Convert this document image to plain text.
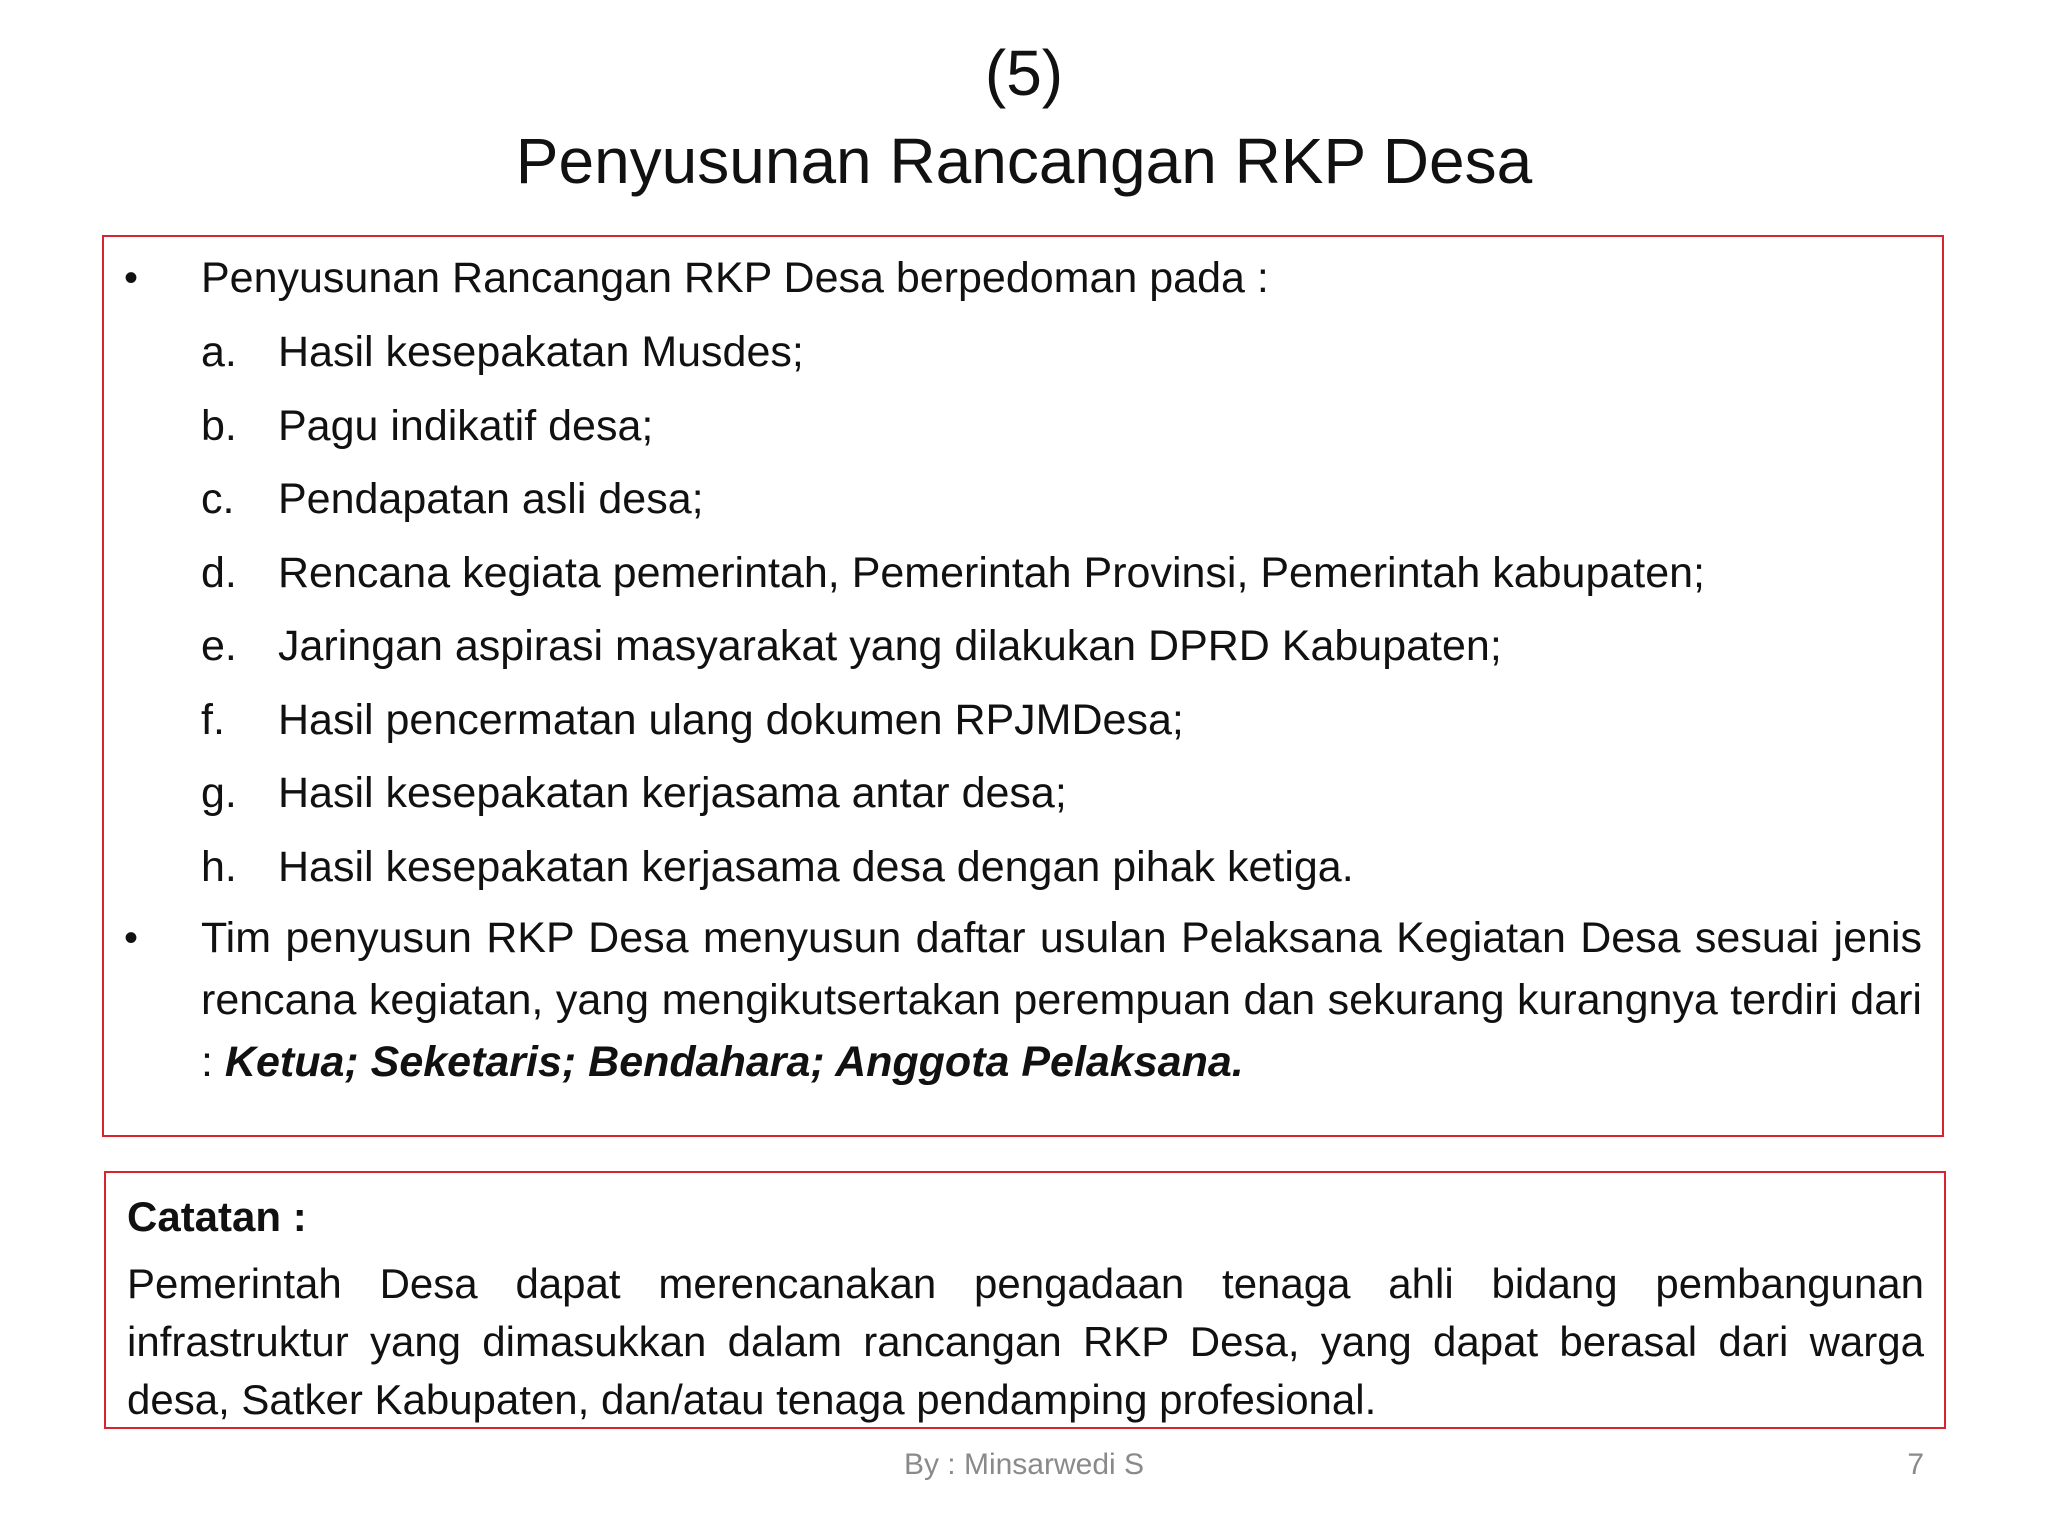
(5)
Penyusunan Rancangan RKP Desa
• Penyusunan Rancangan RKP Desa berpedoman pada :
a. Hasil kesepakatan Musdes;
b. Pagu indikatif desa;
c.	Pendapatan asli desa;
d. Rencana kegiata pemerintah, Pemerintah Provinsi, Pemerintah kabupaten;
e. Jaringan aspirasi masyarakat yang dilakukan DPRD Kabupaten;
f.	Hasil pencermatan ulang dokumen RPJMDesa;
g. Hasil kesepakatan kerjasama antar desa;
h. Hasil kesepakatan kerjasama desa dengan pihak ketiga.
• Tim penyusun RKP Desa menyusun daftar usulan Pelaksana Kegiatan Desa sesuai jenis rencana kegiatan, yang mengikutsertakan perempuan dan sekurang kurangnya terdiri dari : Ketua; Seketaris; Bendahara; Anggota Pelaksana.
Catatan :
Pemerintah Desa dapat merencanakan pengadaan tenaga ahli bidang pembangunan infrastruktur yang dimasukkan dalam rancangan RKP Desa, yang dapat berasal dari warga desa, Satker Kabupaten, dan/atau tenaga pendamping profesional.
By : Minsarwedi S	7
